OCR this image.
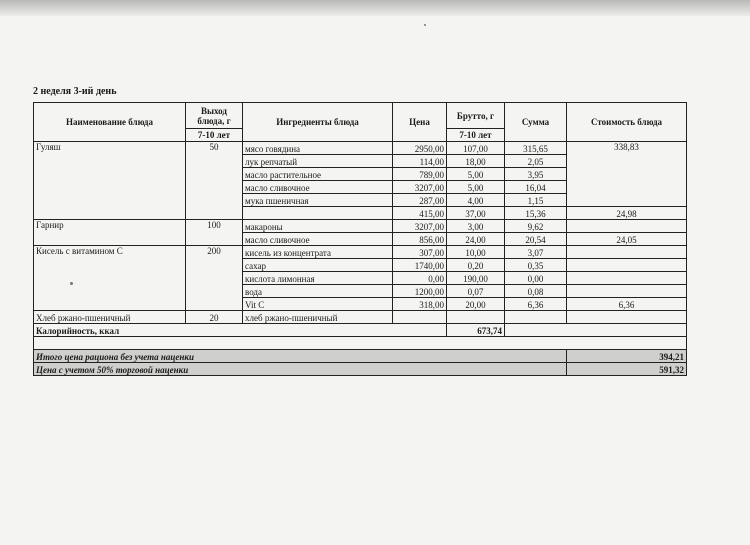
2 неделя 3-ий день
Наименование блюда	Выход блюда, г	Ингредиенты блюда	Цена	Брутто, г	Сумма	Стоимость блюда
	7-10 лет			7-10 лет		
Гуляш	50	мясо говядина	2950,00	107,00	315,65	338,83
		лук репчатый	114,00	18,00	2,05	
		масло растительное	789,00	5,00	3,95	
		масло сливочное	3207,00	5,00	16,04	
		мука пшеничная	287,00	4,00	1,15	
			415,00	37,00	15,36	24,98
Гарнир	100	макароны	3207,00	3,00	9,62	
		масло сливочное	856,00	24,00	20,54	24,05
Кисель с витамином С	200	кисель из концентрата	307,00	10,00	3,07	
		сахар	1740,00	0,20	0,35	
		кислота лимонная	0,00	190,00	0,00	
		вода	1200,00	0,07	0,08	
		Vit C	318,00	20,00	6,36	6,36
Хлеб ржано-пшеничный	20	хлеб ржано-пшеничный				
Калорийность, ккал				673,74		

Итого цена рациона без учета наценки						394,21
Цена с учетом 50% торговой наценки						591,32
